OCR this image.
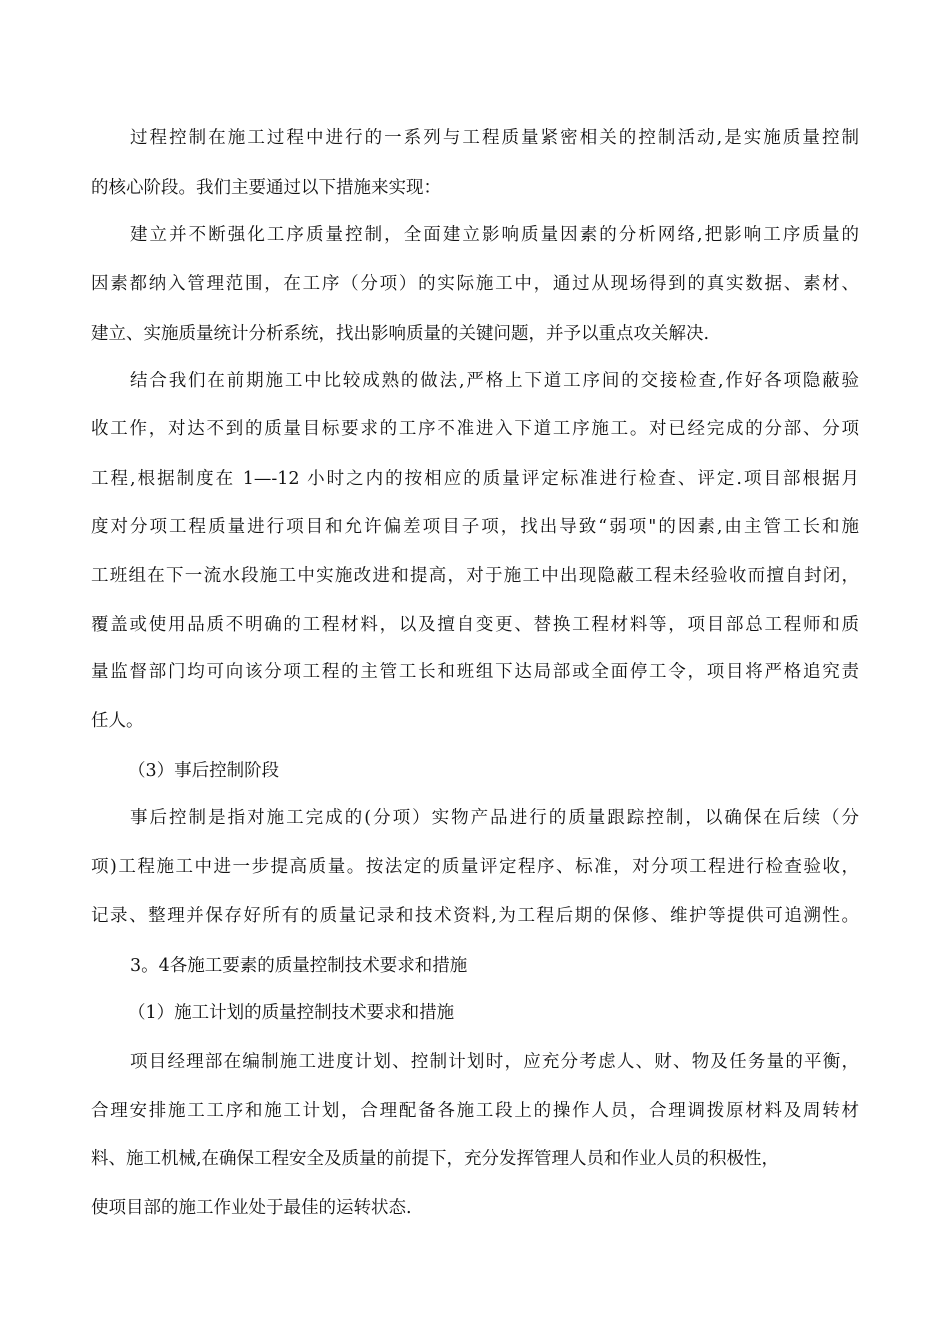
过程控制在施工过程中进行的一系列与工程质量紧密相关的控制活动,是实施质量控制
的核心阶段。我们主要通过以下措施来实现：
建立并不断强化工序质量控制，全面建立影响质量因素的分析网络,把影响工序质量的
因素都纳入管理范围，在工序（分项）的实际施工中，通过从现场得到的真实数据、素材、
建立、实施质量统计分析系统，找出影响质量的关键问题，并予以重点攻关解决.
结合我们在前期施工中比较成熟的做法,严格上下道工序间的交接检查,作好各项隐蔽验
收工作，对达不到的质量目标要求的工序不准进入下道工序施工。对已经完成的分部、分项
工程,根据制度在 1—-12 小时之内的按相应的质量评定标准进行检查、评定.项目部根据月
度对分项工程质量进行项目和允许偏差项目子项，找出导致“弱项"的因素,由主管工长和施
工班组在下一流水段施工中实施改进和提高，对于施工中出现隐蔽工程未经验收而擅自封闭，
覆盖或使用品质不明确的工程材料，以及擅自变更、替换工程材料等，项目部总工程师和质
量监督部门均可向该分项工程的主管工长和班组下达局部或全面停工令，项目将严格追究责
任人。
（3）事后控制阶段
事后控制是指对施工完成的(分项）实物产品进行的质量跟踪控制，以确保在后续（分
项)工程施工中进一步提高质量。按法定的质量评定程序、标准，对分项工程进行检查验收，
记录、整理并保存好所有的质量记录和技术资料,为工程后期的保修、维护等提供可追溯性。
3。4各施工要素的质量控制技术要求和措施
（1）施工计划的质量控制技术要求和措施
项目经理部在编制施工进度计划、控制计划时，应充分考虑人、财、物及任务量的平衡，
合理安排施工工序和施工计划，合理配备各施工段上的操作人员，合理调拨原材料及周转材
料、施工机械,在确保工程安全及质量的前提下，充分发挥管理人员和作业人员的积极性，
使项目部的施工作业处于最佳的运转状态.
